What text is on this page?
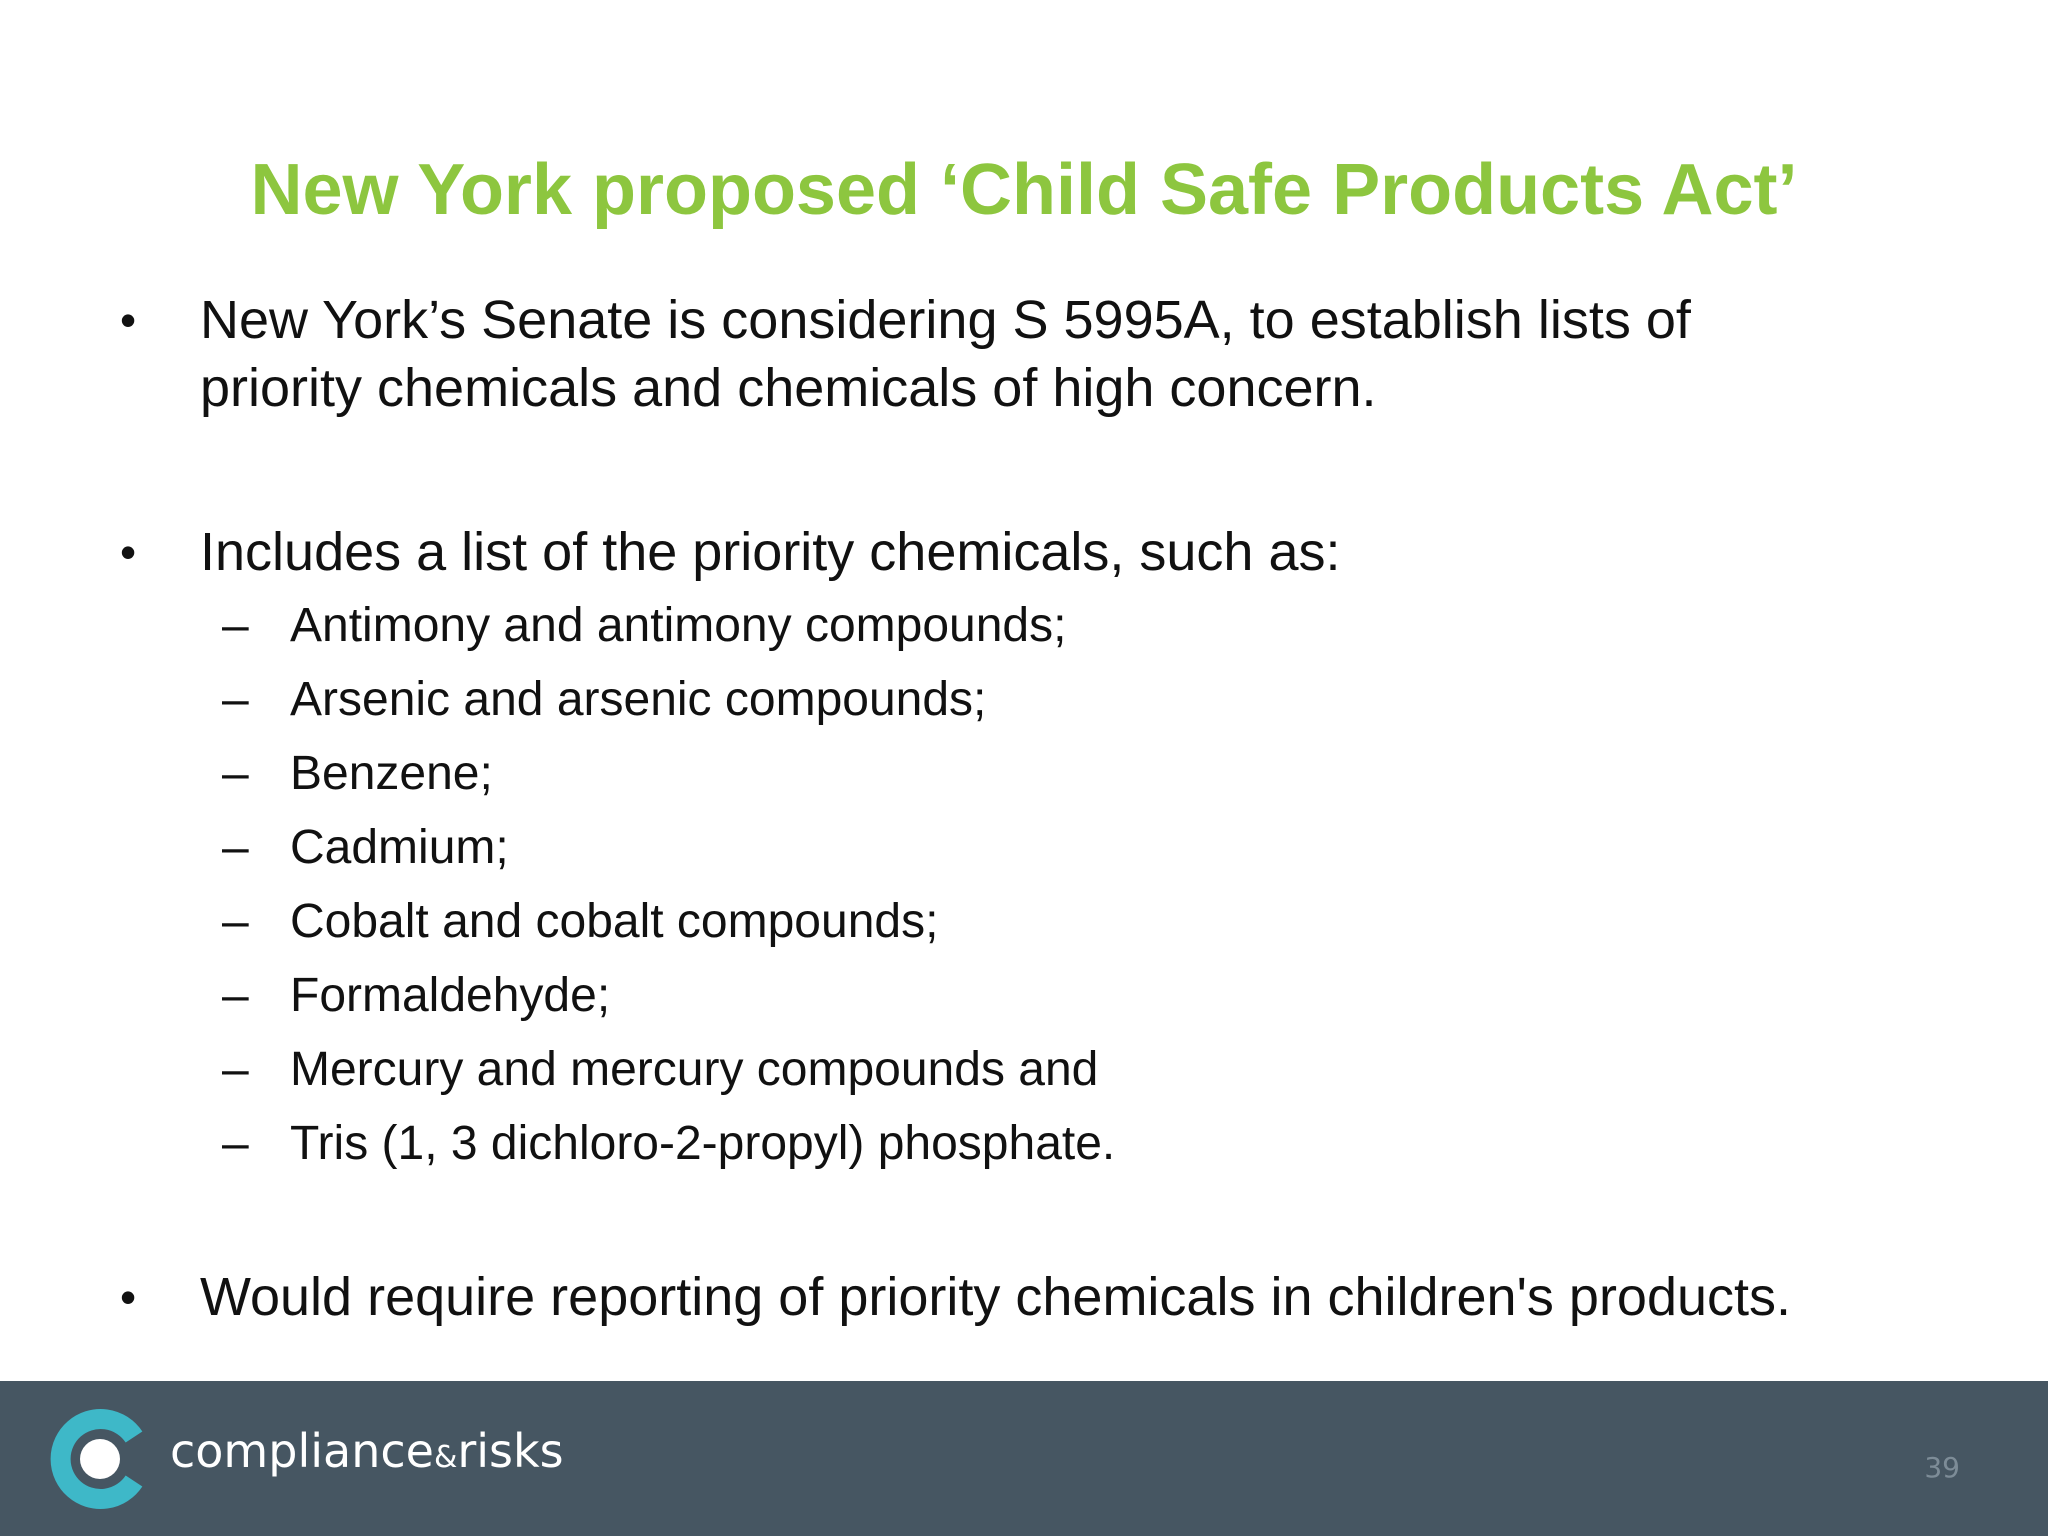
New York proposed ‘Child Safe Products Act’
•	New York’s Senate is considering S 5995A, to establish lists of
priority chemicals and chemicals of high concern.
•	Includes a list of the priority chemicals, such as:
– Antimony and antimony compounds;
– Arsenic and arsenic compounds;
– Benzene;
– Cadmium;
– Cobalt and cobalt compounds;
– Formaldehyde;
– Mercury and mercury compounds and
– Tris (1, 3 dichloro-2-propyl) phosphate.
•	Would require reporting of priority chemicals in children's products.
compliance&risks	39
